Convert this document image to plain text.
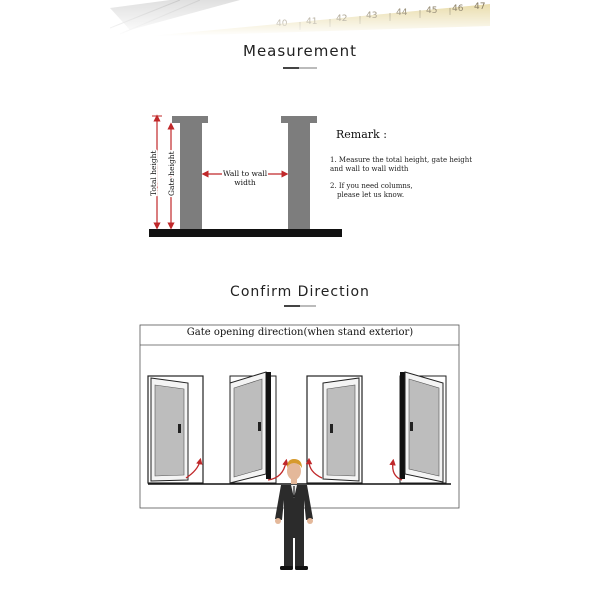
Measurement
Total height Gate height	Wall to wall
width
Remark :

1. Measure the total height, gate height

and wall to wall width

2. If you need columns,

please let us know.

Confirm Direction
Gate opening direction(when stand exterior)
